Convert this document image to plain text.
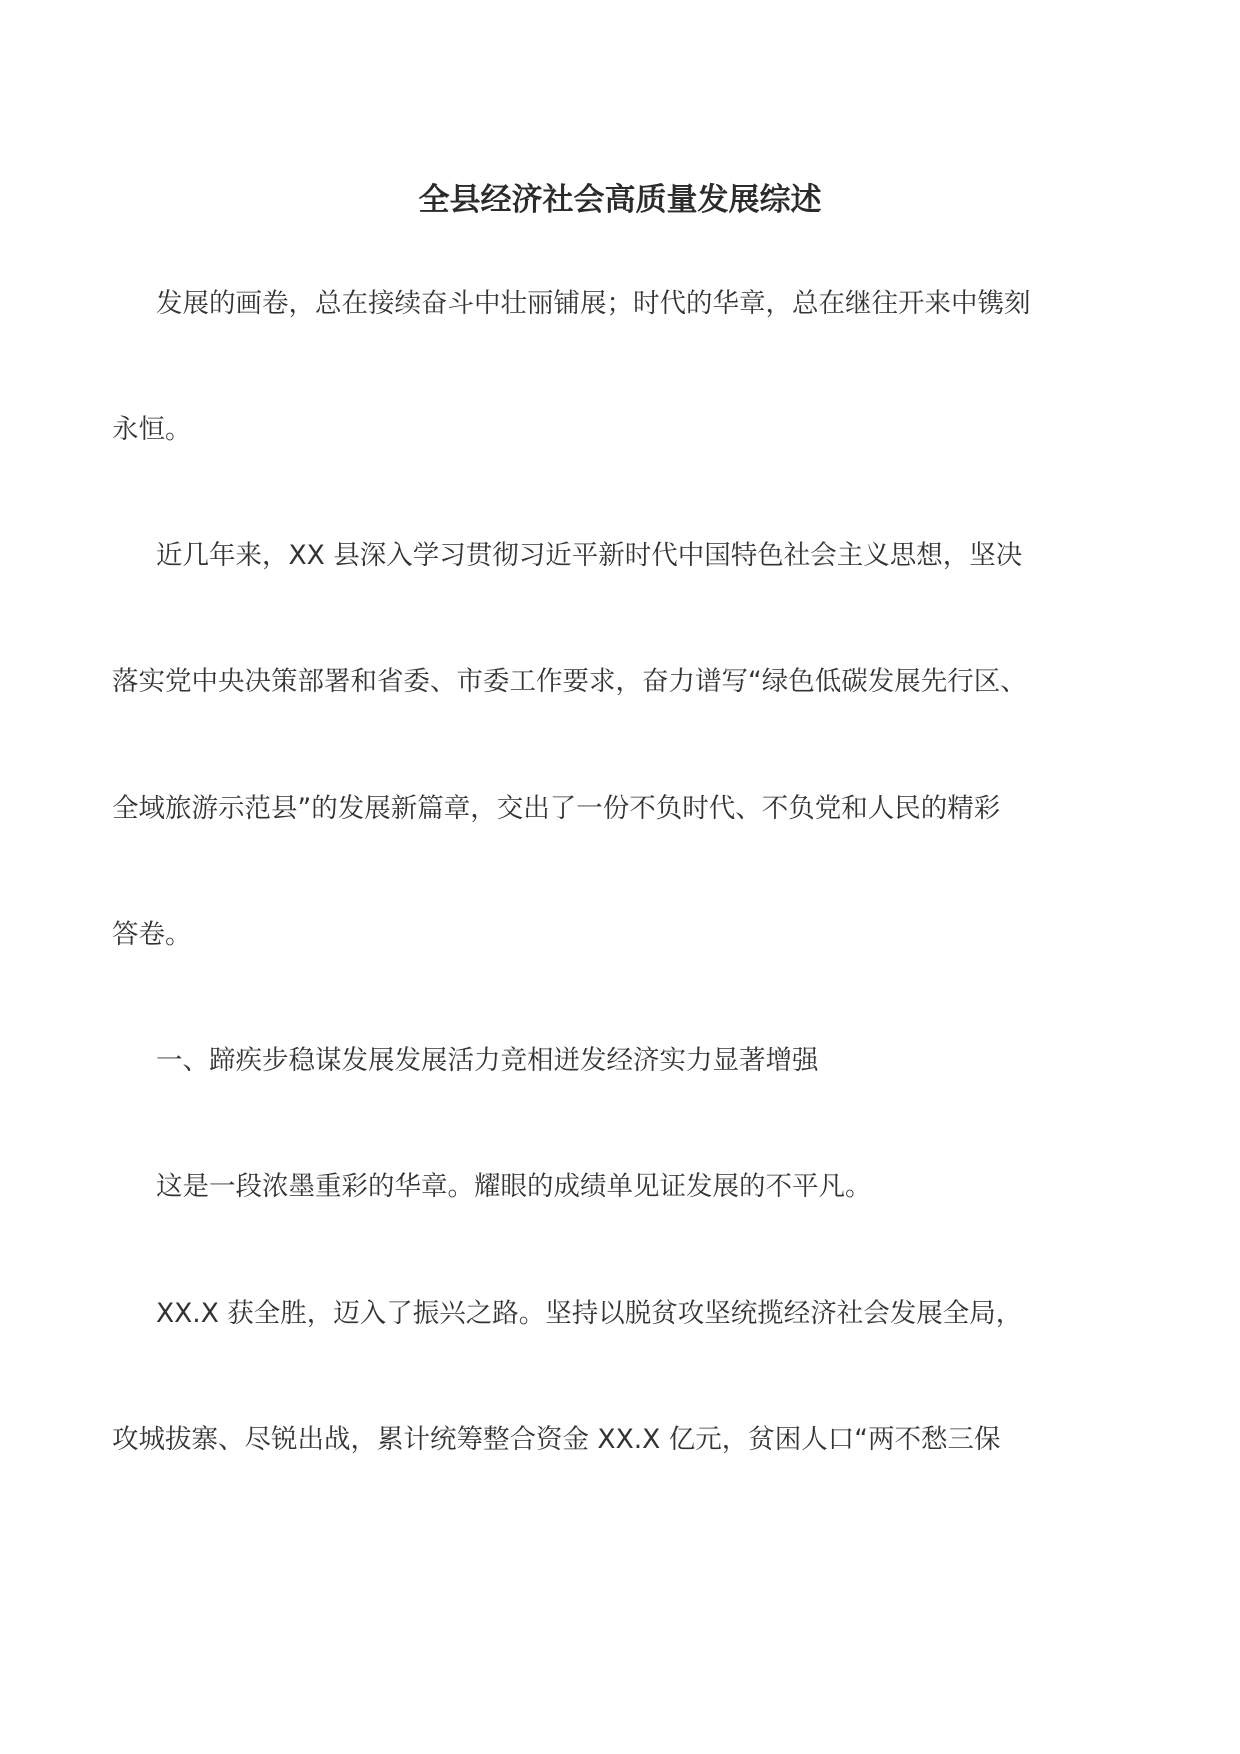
全县经济社会高质量发展综述

发展的画卷，总在接续奋斗中壮丽铺展；时代的华章，总在继往开来中镌刻

永恒。

近几年来，XX 县深入学习贯彻习近平新时代中国特色社会主义思想，坚决

落实党中央决策部署和省委、市委工作要求，奋力谱写“绿色低碳发展先行区、

全域旅游示范县”的发展新篇章，交出了一份不负时代、不负党和人民的精彩

答卷。

一、蹄疾步稳谋发展发展活力竞相迸发经济实力显著增强

这是一段浓墨重彩的华章。耀眼的成绩单见证发展的不平凡。

XX.X 获全胜，迈入了振兴之路。坚持以脱贫攻坚统揽经济社会发展全局，

攻城拔寨、尽锐出战，累计统筹整合资金 XX.X 亿元，贫困人口“两不愁三保
